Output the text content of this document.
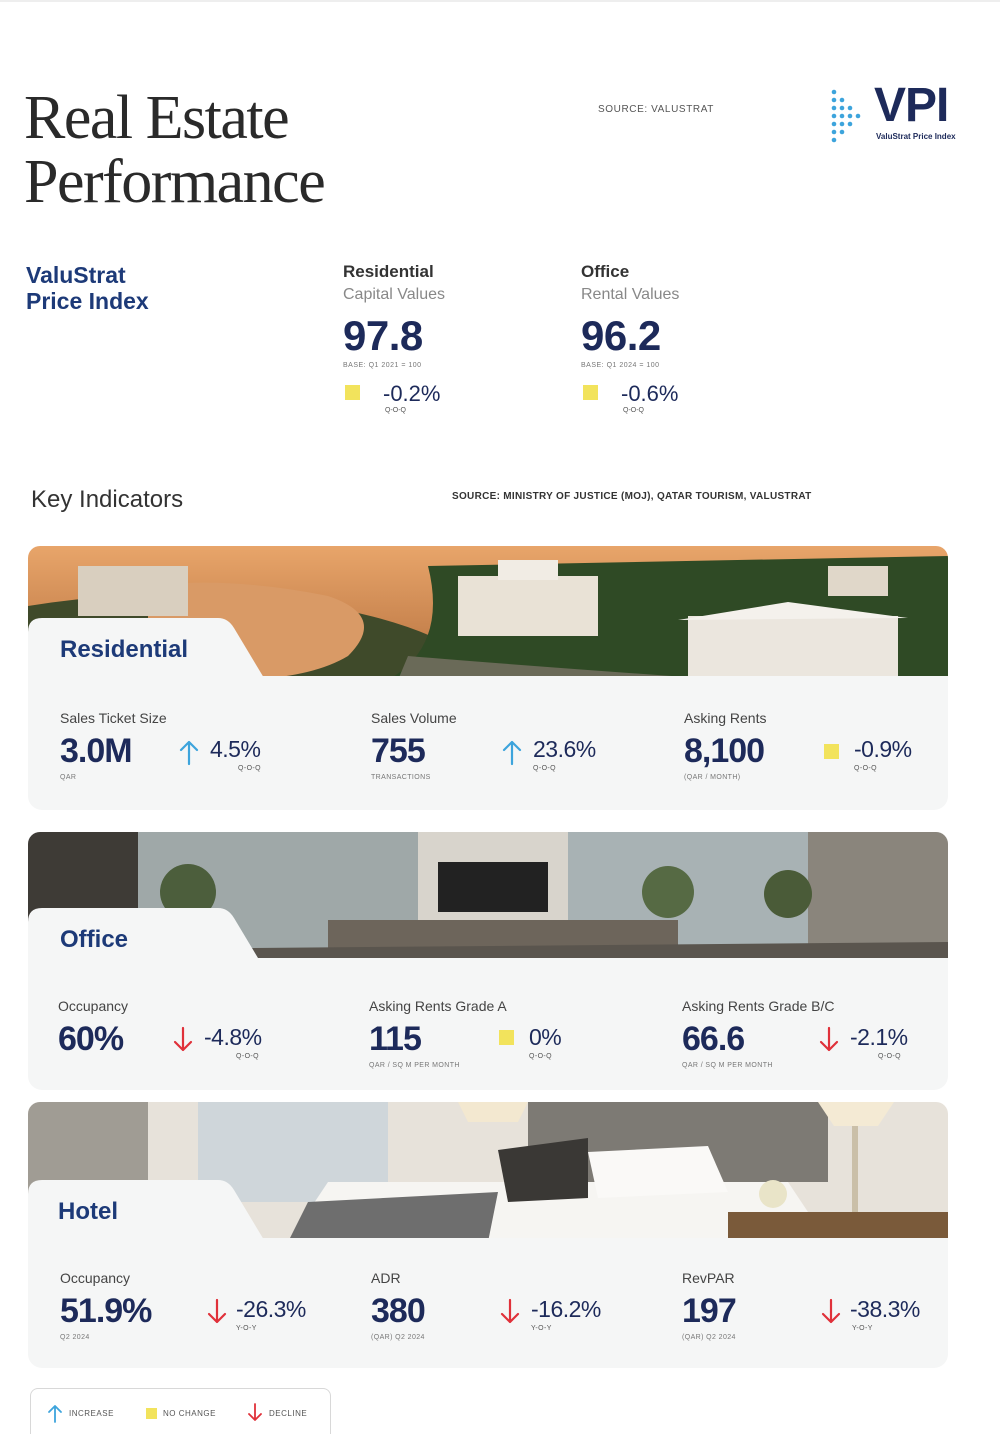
Real Estate
Performance
SOURCE: VALUSTRAT	VPI
ValuStrat Price Index
ValuStrat
Price Index
Residential
Capital Values
97.8
BASE: Q1 2021 = 100
-0.2%
Q-O-Q
Office
Rental Values
96.2
BASE: Q1 2024 = 100
-0.6%
Q-O-Q
Key Indicators	SOURCE: MINISTRY OF JUSTICE (MOJ), QATAR TOURISM, VALUSTRAT
Sales Ticket Size
3.0M
QAR
4.5%
Q-O-Q
Sales Volume
755
TRANSACTIONS
23.6%
Q-O-Q
Asking Rents
8,100
(QAR / MONTH)
-0.9%
Q-O-Q
Residential
Occupancy
60%	-4.8%
Q-O-Q
Asking Rents Grade A
115
QAR / SQ M PER MONTH
0%
Q-O-Q
Asking Rents Grade B/C
66.6
QAR / SQ M PER MONTH
-2.1%
Q-O-Q
Office
Occupancy
51.9%
Q2 2024
-26.3%
Y-O-Y
ADR
380
(QAR) Q2 2024
-16.2%
Y-O-Y
RevPAR
197
(QAR) Q2 2024
-38.3%
Y-O-Y
Hotel
INCREASE	NO CHANGE	DECLINE
